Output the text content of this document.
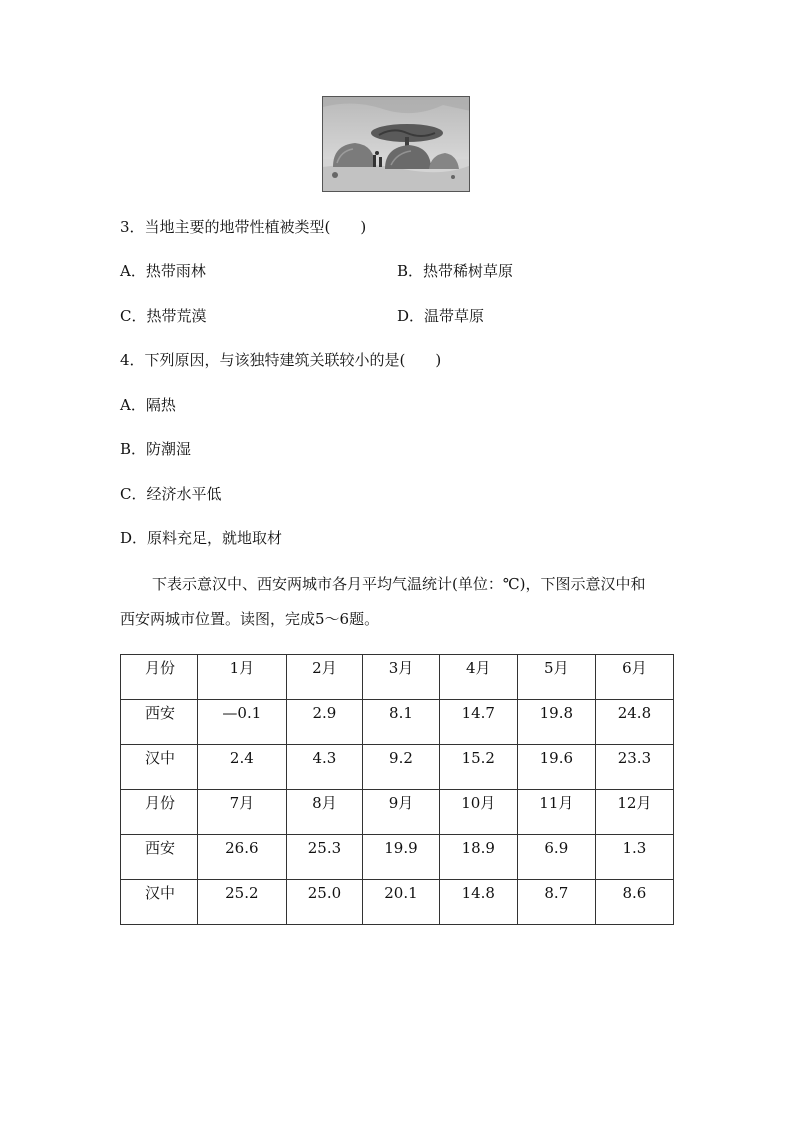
3．当地主要的地带性植被类型(　　)
A．热带雨林	B．热带稀树草原
C．热带荒漠	D．温带草原
4．下列原因，与该独特建筑关联较小的是(　　)
A．隔热
B．防潮湿
C．经济水平低
D．原料充足，就地取材
下表示意汉中、西安两城市各月平均气温统计(单位：℃)，下图示意汉中和
西安两城市位置。读图，完成5～6题。
月份	1月	2月	3月	4月	5月	6月

西安	—0.1	2.9	8.1	14.7	19.8	24.8

汉中	2.4	4.3	9.2	15.2	19.6	23.3

月份	7月	8月	9月	10月	11月	12月

西安	26.6	25.3	19.9	18.9	6.9	1.3

汉中	25.2	25.0	20.1	14.8	8.7	8.6
